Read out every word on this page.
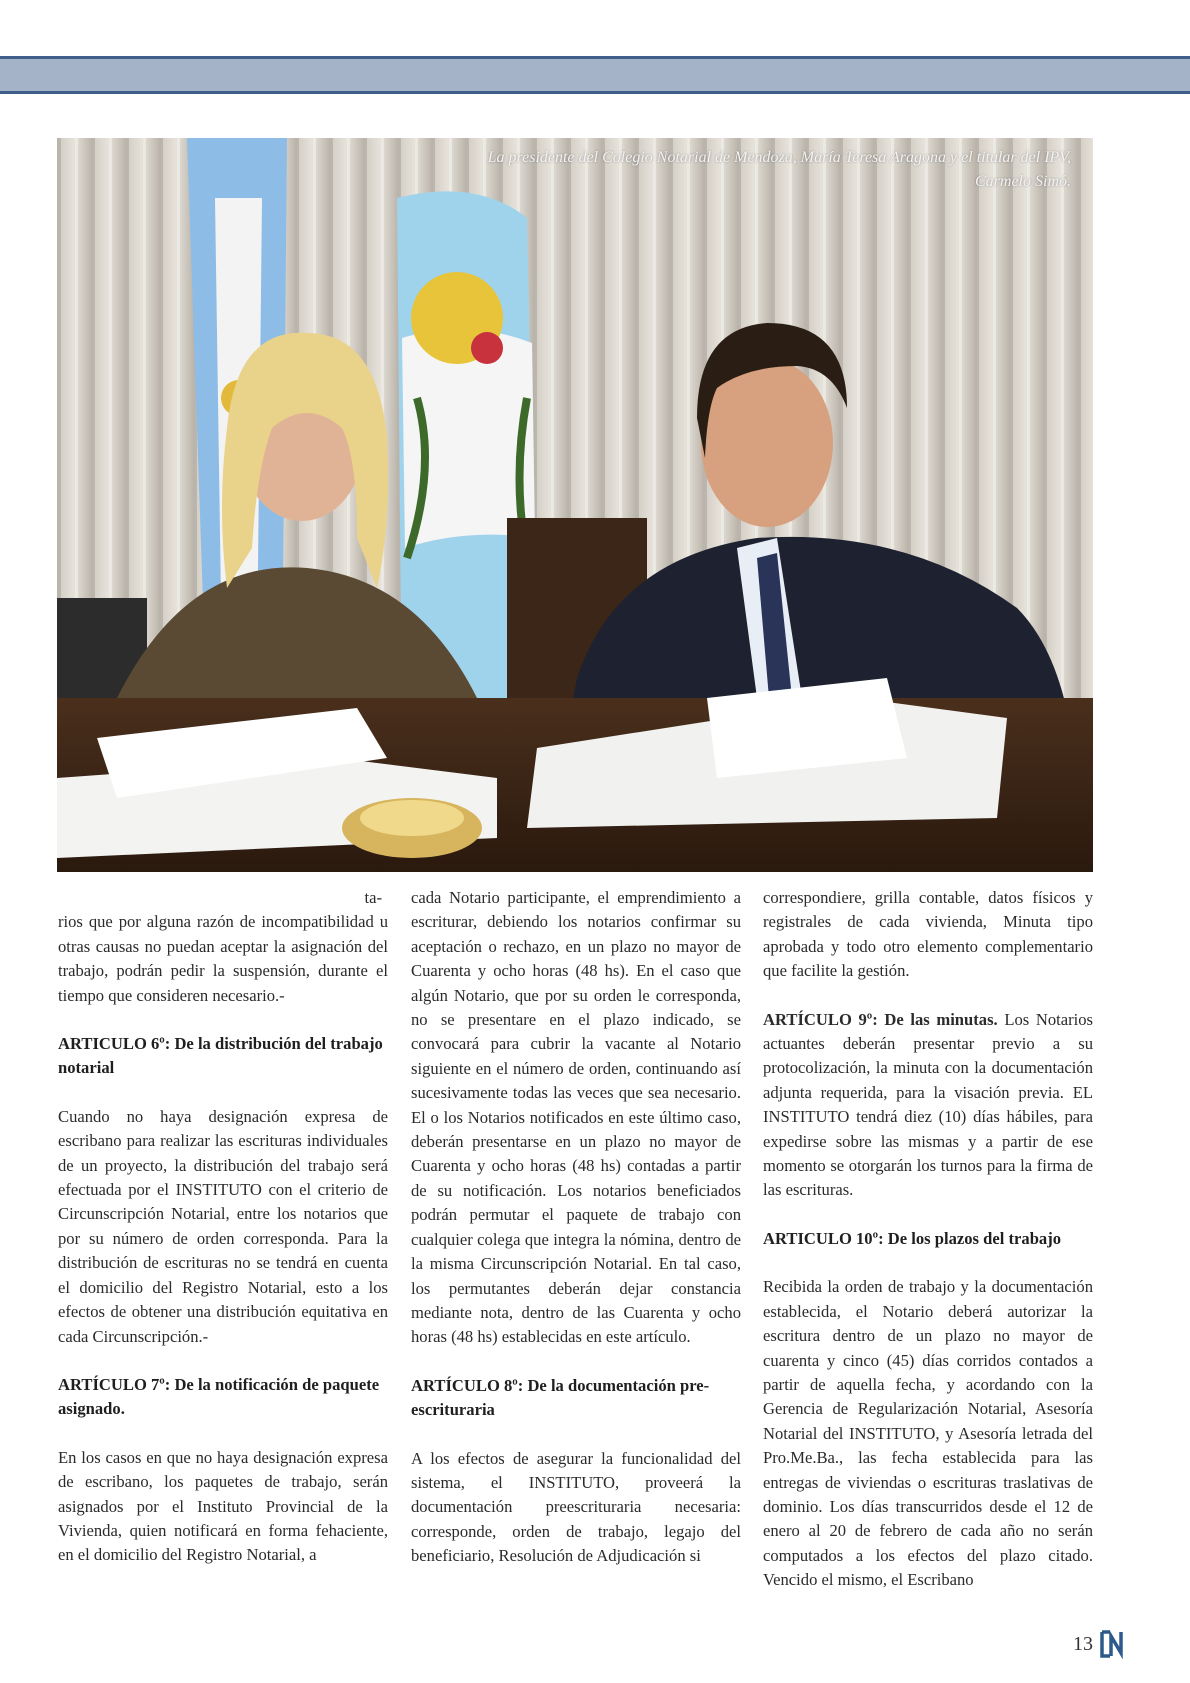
La presidente del Colegio Notarial de Mendoza, María Teresa Aragona y el titular del IPV, Carmelo Simó.
ta-

rios que por alguna razón de incompatibilidad u otras causas no puedan aceptar la asignación del trabajo, podrán pedir la suspensión, durante el tiempo que consideren necesario.-

ARTICULO 6º: De la distribución del trabajo notarial

Cuando no haya designación expresa de escribano para realizar las escrituras individuales de un proyecto, la distribución del trabajo será efectuada por el INSTITUTO con el criterio de Circunscripción Notarial, entre los notarios que por su número de orden corresponda. Para la distribución de escrituras no se tendrá en cuenta el domicilio del Registro Notarial, esto a los efectos de obtener una distribución equitativa en cada Circunscripción.-

ARTÍCULO 7º: De la notificación de paquete asignado.

En los casos en que no haya designación expresa de escribano, los paquetes de trabajo, serán asignados por el Instituto Provincial de la Vivienda, quien notificará en forma fehaciente, en el domicilio del Registro Notarial, a

cada Notario participante, el emprendimiento a escriturar, debiendo los notarios confirmar su aceptación o rechazo, en un plazo no mayor de Cuarenta y ocho horas (48 hs). En el caso que algún Notario, que por su orden le corresponda, no se presentare en el plazo indicado, se convocará para cubrir la vacante al Notario siguiente en el número de orden, continuando así sucesivamente todas las veces que sea necesario. El o los Notarios notificados en este último caso, deberán presentarse en un plazo no mayor de Cuarenta y ocho horas (48 hs) contadas a partir de su notificación. Los notarios beneficiados podrán permutar el paquete de trabajo con cualquier colega que integra la nómina, dentro de la misma Circunscripción Notarial. En tal caso, los permutantes deberán dejar constancia mediante nota, dentro de las Cuarenta y ocho horas (48 hs) establecidas en este artículo.

ARTÍCULO 8º: De la documentación pre-escrituraria

A los efectos de asegurar la funcionalidad del sistema, el INSTITUTO, proveerá la documentación preescrituraria necesaria: corresponde, orden de trabajo, legajo del beneficiario, Resolución de Adjudicación si

correspondiere, grilla contable, datos físicos y registrales de cada vivienda, Minuta tipo aprobada y todo otro elemento complementario que facilite la gestión.

ARTÍCULO 9º: De las minutas. Los Notarios actuantes deberán presentar previo a su protocolización, la minuta con la documentación adjunta requerida, para la visación previa. EL INSTITUTO tendrá diez (10) días hábiles, para expedirse sobre las mismas y a partir de ese momento se otorgarán los turnos para la firma de las escrituras.

ARTICULO 10º: De los plazos del trabajo

Recibida la orden de trabajo y la documentación establecida, el Notario deberá autorizar la escritura dentro de un plazo no mayor de cuarenta y cinco (45) días corridos contados a partir de aquella fecha, y acordando con la Gerencia de Regularización Notarial, Asesoría Notarial del INSTITUTO, y Asesoría letrada del Pro.Me.Ba., las fecha establecida para las entregas de viviendas o escrituras traslativas de dominio. Los días transcurridos desde el 12 de enero al 20 de febrero de cada año no serán computados a los efectos del plazo citado. Vencido el mismo, el Escribano

13
